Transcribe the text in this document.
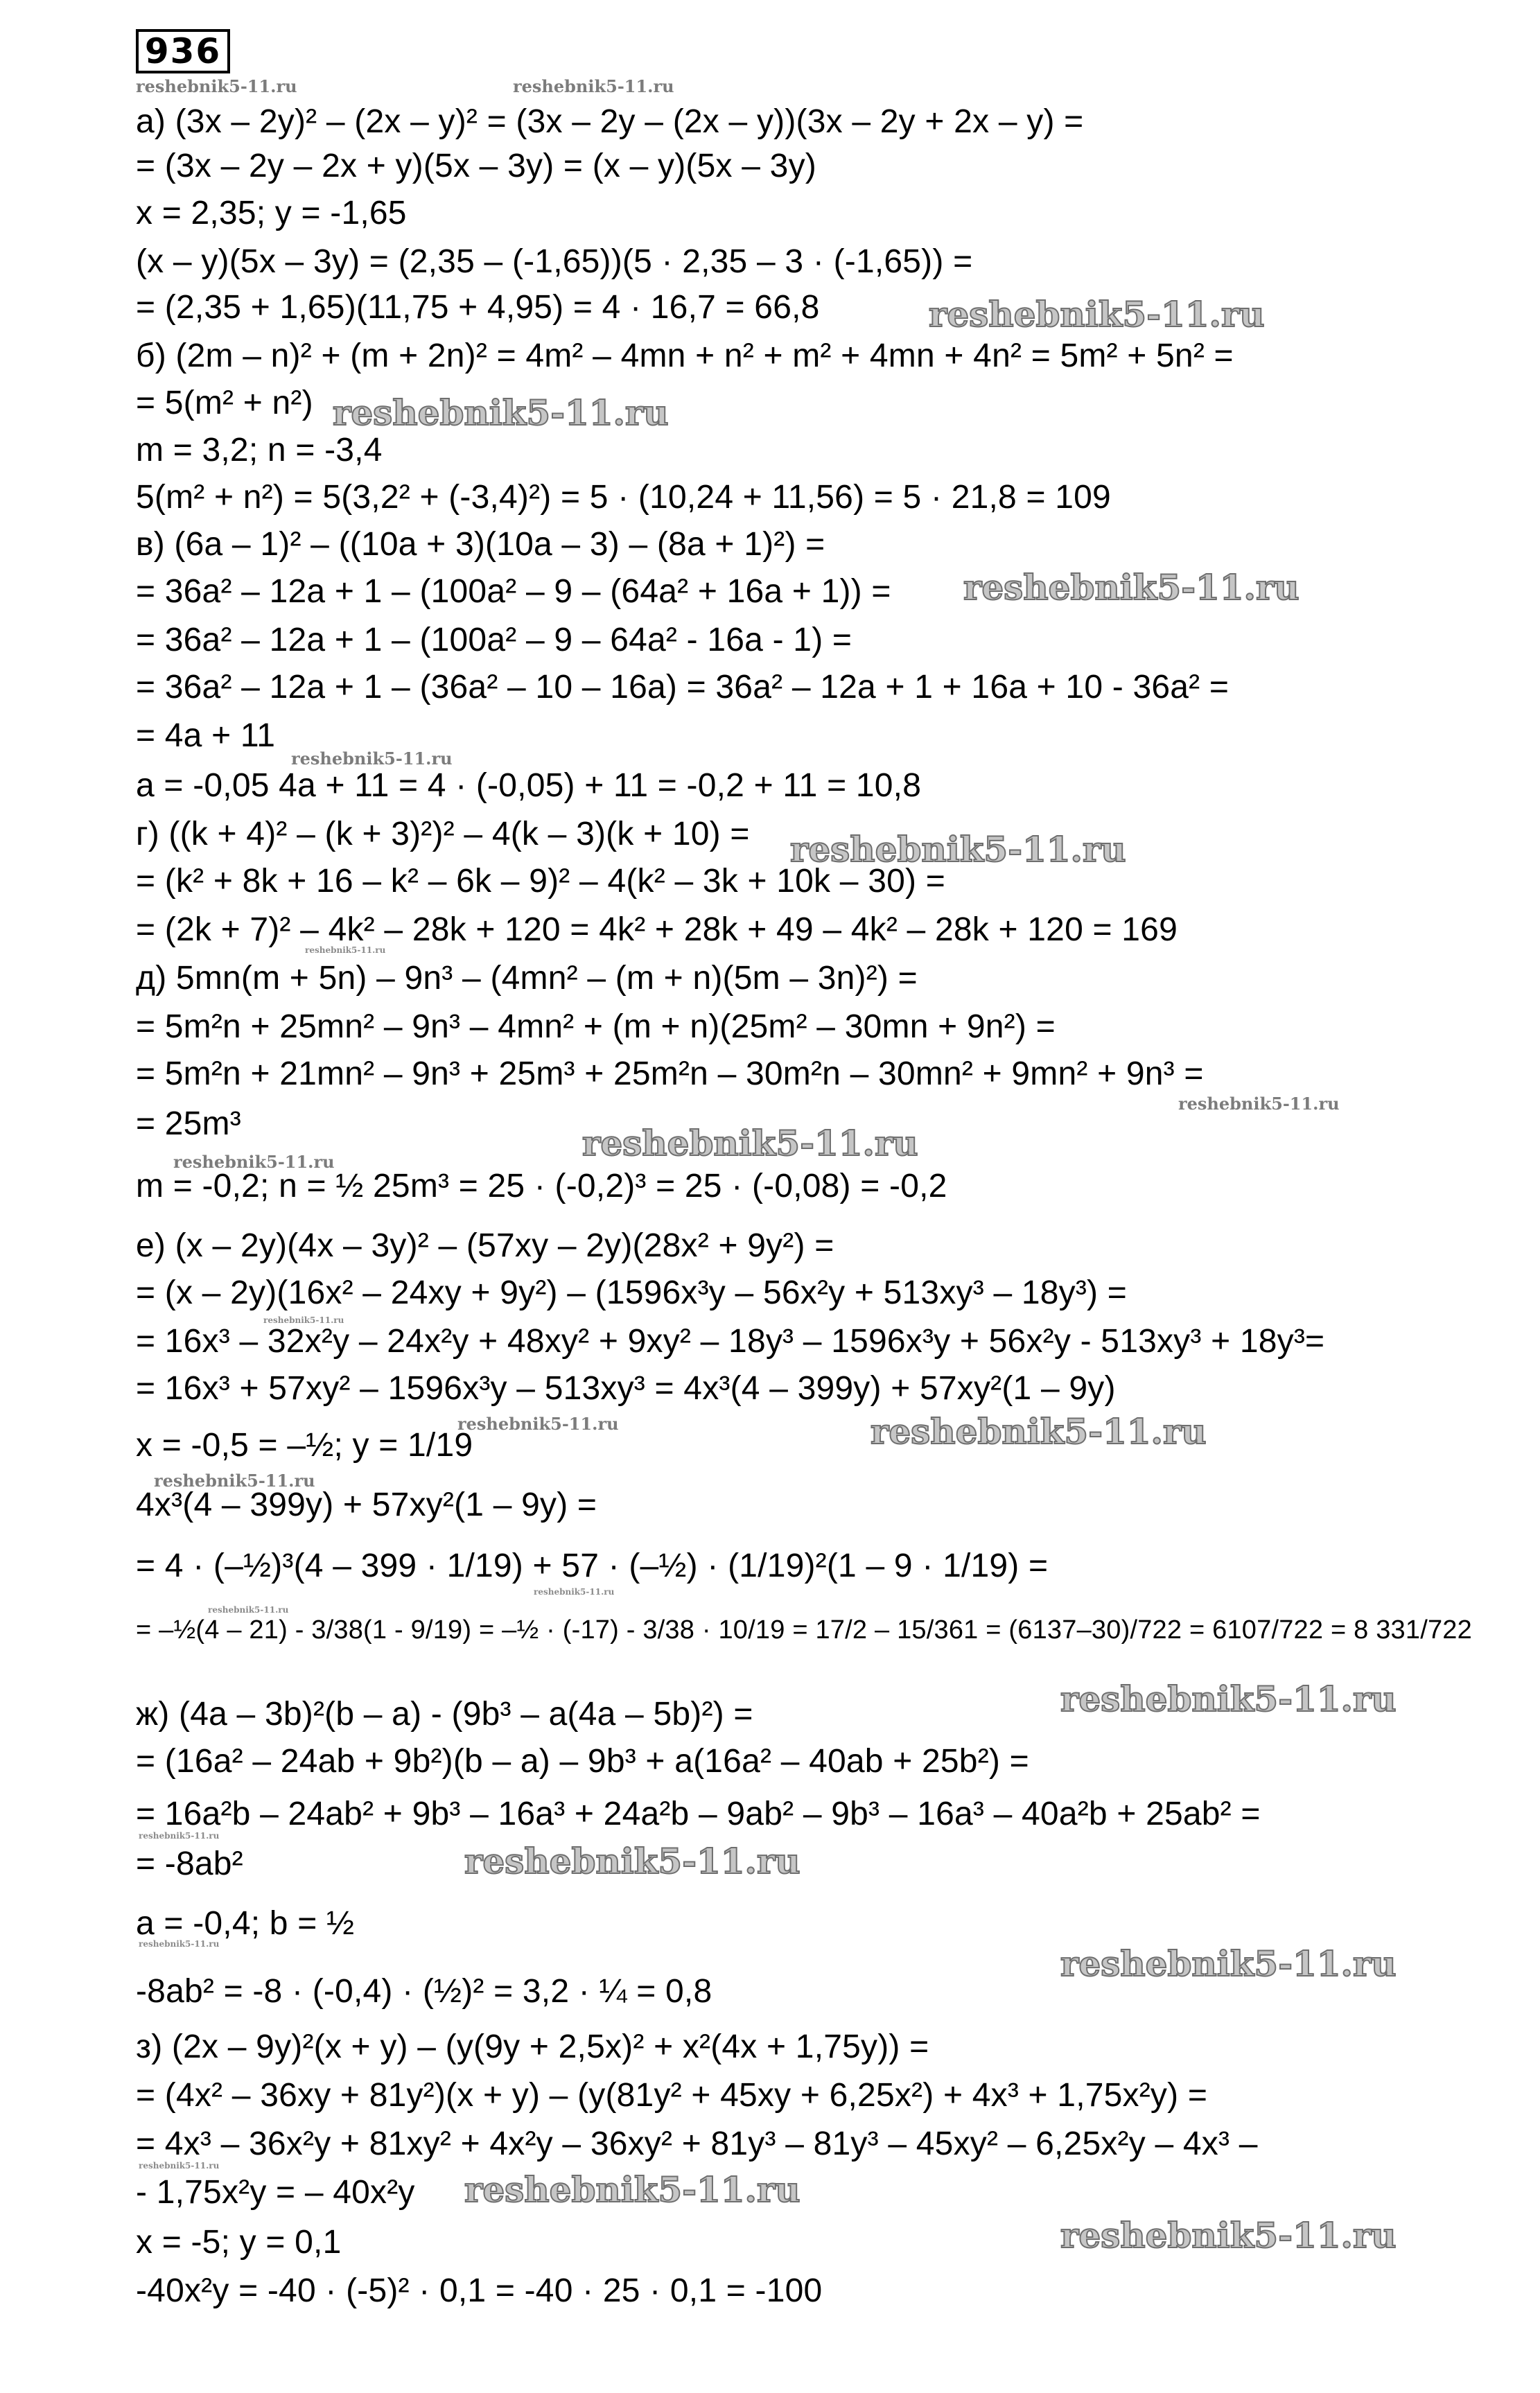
936
а) (3x – 2y)² – (2x – y)² = (3x – 2y – (2x – y))(3x – 2y + 2x – y) =
= (3x – 2y – 2x + y)(5x – 3y) = (x – y)(5x – 3y)
x = 2,35; y = -1,65
(x – y)(5x – 3y) = (2,35 – (-1,65))(5 · 2,35 – 3 · (-1,65)) =
= (2,35 + 1,65)(11,75 + 4,95) = 4 · 16,7 = 66,8
б) (2m – n)² + (m + 2n)² = 4m² – 4mn + n² + m² + 4mn + 4n² = 5m² + 5n² =
= 5(m² + n²)
m = 3,2; n = -3,4
5(m² + n²) = 5(3,2² + (-3,4)²) = 5 · (10,24 + 11,56) = 5 · 21,8 = 109
в) (6a – 1)² – ((10a + 3)(10a – 3) – (8a + 1)²) =
= 36a² – 12a + 1 – (100a² – 9 – (64a² + 16a + 1)) =
= 36a² – 12a + 1 – (100a² – 9 – 64a² - 16a - 1) =
= 36a² – 12a + 1 – (36a² – 10 – 16a) = 36a² – 12a + 1 + 16a + 10 - 36a² =
= 4a + 11
a = -0,05 4a + 11 = 4 · (-0,05) + 11 = -0,2 + 11 = 10,8
г) ((k + 4)² – (k + 3)²)² – 4(k – 3)(k + 10) =
= (k² + 8k + 16 – k² – 6k – 9)² – 4(k² – 3k + 10k – 30) =
= (2k + 7)² – 4k² – 28k + 120 = 4k² + 28k + 49 – 4k² – 28k + 120 = 169
д) 5mn(m + 5n) – 9n³ – (4mn² – (m + n)(5m – 3n)²) =
= 5m²n + 25mn² – 9n³ – 4mn² + (m + n)(25m² – 30mn + 9n²) =
= 5m²n + 21mn² – 9n³ + 25m³ + 25m²n – 30m²n – 30mn² + 9mn² + 9n³ =
= 25m³
m = -0,2; n = ½ 25m³ = 25 · (-0,2)³ = 25 · (-0,08) = -0,2
е) (x – 2y)(4x – 3y)² – (57xy – 2y)(28x² + 9y²) =
= (x – 2y)(16x² – 24xy + 9y²) – (1596x³y – 56x²y + 513xy³ – 18y³) =
= 16x³ – 32x²y – 24x²y + 48xy² + 9xy² – 18y³ – 1596x³y + 56x²y - 513xy³ + 18y³=
= 16x³ + 57xy² – 1596x³y – 513xy³ = 4x³(4 – 399y) + 57xy²(1 – 9y)
x = -0,5 = –½; y = 1/19
4x³(4 – 399y) + 57xy²(1 – 9y) =
= 4 · (–½)³(4 – 399 · 1/19) + 57 · (–½) · (1/19)²(1 – 9 · 1/19) =
= –½(4 – 21) - 3/38(1 - 9/19) = –½ · (-17) - 3/38 · 10/19 = 17/2 – 15/361 = (6137–30)/722 = 6107/722 = 8 331/722
ж) (4a – 3b)²(b – a) - (9b³ – a(4a – 5b)²) =
= (16a² – 24ab + 9b²)(b – a) – 9b³ + a(16a² – 40ab + 25b²) =
= 16a²b – 24ab² + 9b³ – 16a³ + 24a²b – 9ab² – 9b³ – 16a³ – 40a²b + 25ab² =
= -8ab²
a = -0,4; b = ½
-8ab² = -8 · (-0,4) · (½)² = 3,2 · ¼ = 0,8
з) (2x – 9y)²(x + y) – (y(9y + 2,5x)² + x²(4x + 1,75y)) =
= (4x² – 36xy + 81y²)(x + y) – (y(81y² + 45xy + 6,25x²) + 4x³ + 1,75x²y) =
= 4x³ – 36x²y + 81xy² + 4x²y – 36xy² + 81y³ – 81y³ – 45xy² – 6,25x²y – 4x³ –
- 1,75x²y = – 40x²y
x = -5; y = 0,1
-40x²y = -40 · (-5)² · 0,1 = -40 · 25 · 0,1 = -100
reshebnik5-11.ru	reshebnik5-11.ru
reshebnik5-11.ru
reshebnik5-11.ru
reshebnik5-11.ru
reshebnik5-11.ru
reshebnik5-11.ru
reshebnik5-11.ru
reshebnik5-11.ru
reshebnik5-11.ru
reshebnik5-11.ru
reshebnik5-11.ru
reshebnik5-11.ru	reshebnik5-11.ru
reshebnik5-11.ru
reshebnik5-11.ru
reshebnik5-11.ru
reshebnik5-11.ru
reshebnik5-11.ru
reshebnik5-11.ru
reshebnik5-11.ru	reshebnik5-11.ru
reshebnik5-11.ru
reshebnik5-11.ru
reshebnik5-11.ru
